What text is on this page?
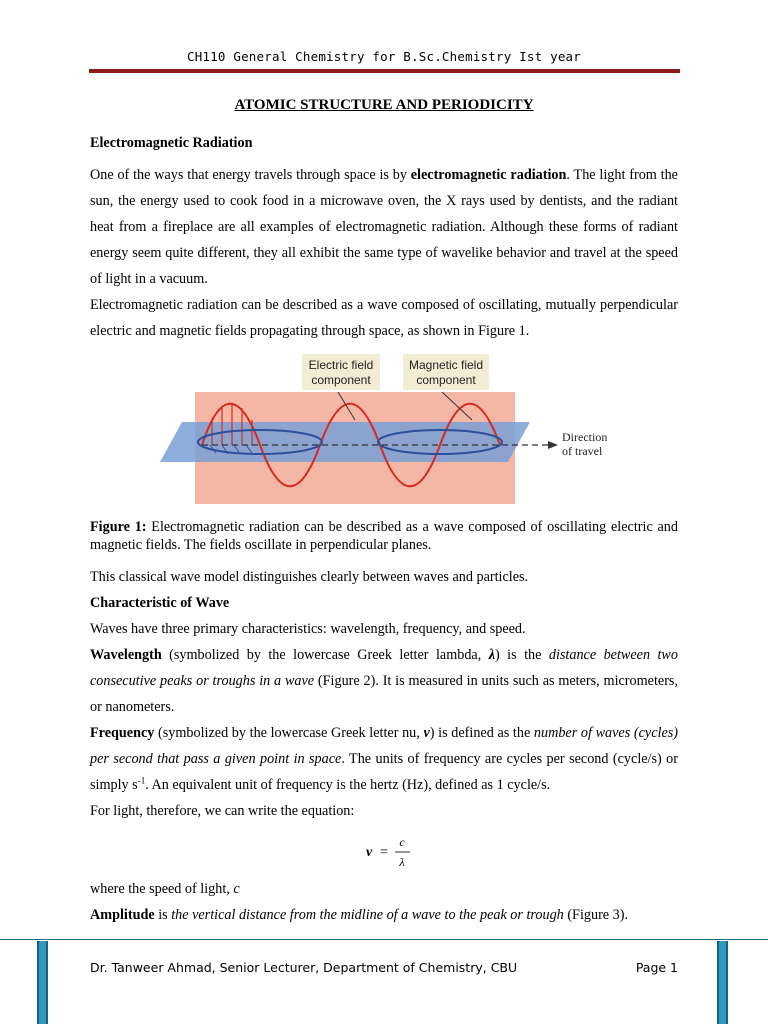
CH110 General Chemistry for B.Sc.Chemistry Ist year
ATOMIC STRUCTURE AND PERIODICITY

Electromagnetic Radiation

One of the ways that energy travels through space is by electromagnetic radiation. The light from the sun, the energy used to cook food in a microwave oven, the X rays used by dentists, and the radiant heat from a fireplace are all examples of electromagnetic radiation. Although these forms of radiant energy seem quite different, they all exhibit the same type of wavelike behavior and travel at the speed of light in a vacuum.

Electromagnetic radiation can be described as a wave composed of oscillating, mutually perpendicular electric and magnetic fields propagating through space, as shown in Figure 1.

Electric field
component
Magnetic field
component
Direction
of travel

Figure 1: Electromagnetic radiation can be described as a wave composed of oscillating electric and magnetic fields. The fields oscillate in perpendicular planes.

This classical wave model distinguishes clearly between waves and particles.

Characteristic of Wave

Waves have three primary characteristics: wavelength, frequency, and speed.

Wavelength (symbolized by the lowercase Greek letter lambda, λ) is the distance between two consecutive peaks or troughs in a wave (Figure 2). It is measured in units such as meters, micrometers, or nanometers.

Frequency (symbolized by the lowercase Greek letter nu, ν) is defined as the number of waves (cycles) per second that pass a given point in space. The units of frequency are cycles per second (cycle/s) or simply $s^{-1}$. An equivalent unit of frequency is the hertz (Hz), defined as 1 cycle/s.

For light, therefore, we can write the equation:

ν =
c
λ

where the speed of light, c

Amplitude is the vertical distance from the midline of a wave to the peak or trough (Figure 3).

Dr. Tanweer Ahmad, Senior Lecturer, Department of Chemistry, CBU	Page 1
